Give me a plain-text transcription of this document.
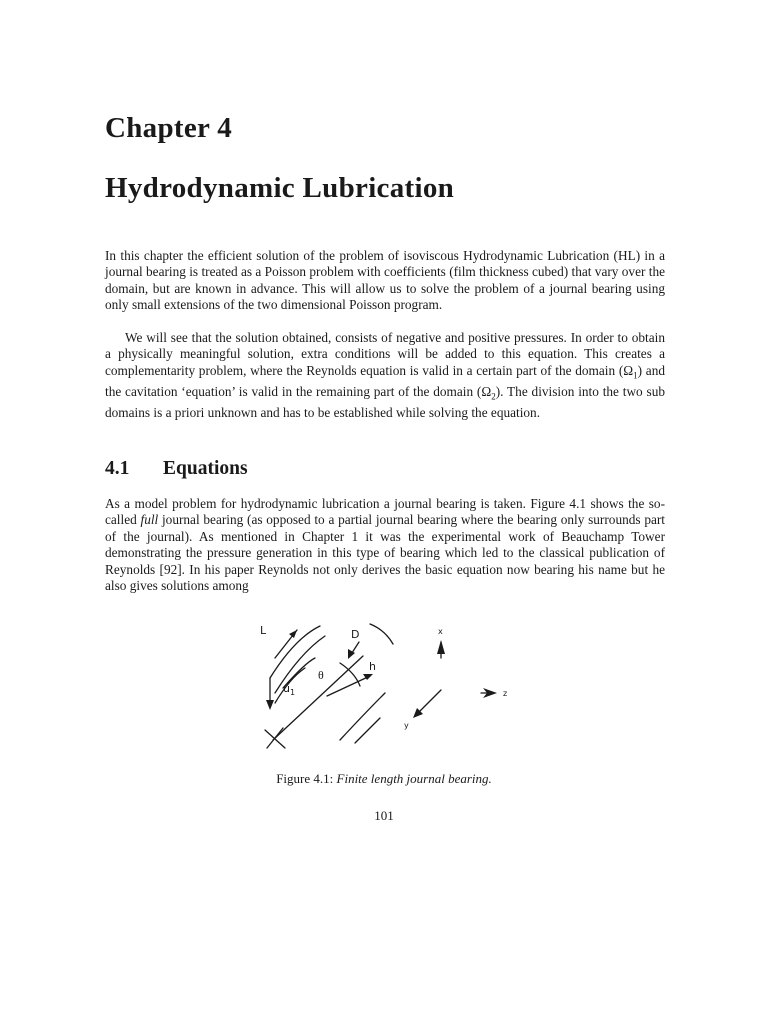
Chapter 4
Hydrodynamic Lubrication

In this chapter the efficient solution of the problem of isoviscous Hydrodynamic Lubrication (HL) in a journal bearing is treated as a Poisson problem with coefficients (film thickness cubed) that vary over the domain, but are known in advance. This will allow us to solve the problem of a journal bearing using only small extensions of the two dimensional Poisson program.

We will see that the solution obtained, consists of negative and positive pressures. In order to obtain a physically meaningful solution, extra conditions will be added to this equation. This creates a complementarity problem, where the Reynolds equation is valid in a certain part of the domain $(\Omega_1)$ and the cavitation ‘equation’ is valid in the remaining part of the domain $(\Omega_2)$. The division into the two sub domains is a priori unknown and has to be established while solving the equation.

4.1 Equations

As a model problem for hydrodynamic lubrication a journal bearing is taken. Figure 4.1 shows the so-called full journal bearing (as opposed to a partial journal bearing where the bearing only surrounds part of the journal). As mentioned in Chapter 1 it was the experimental work of Beauchamp Tower demonstrating the pressure generation in this type of bearing which led to the classical publication of Reynolds [92]. In his paper Reynolds not only derives the basic equation now bearing his name but he also gives solutions among

L	D
h
θ
u 1
x
y
z
Figure 4.1: Finite length journal bearing.
101
